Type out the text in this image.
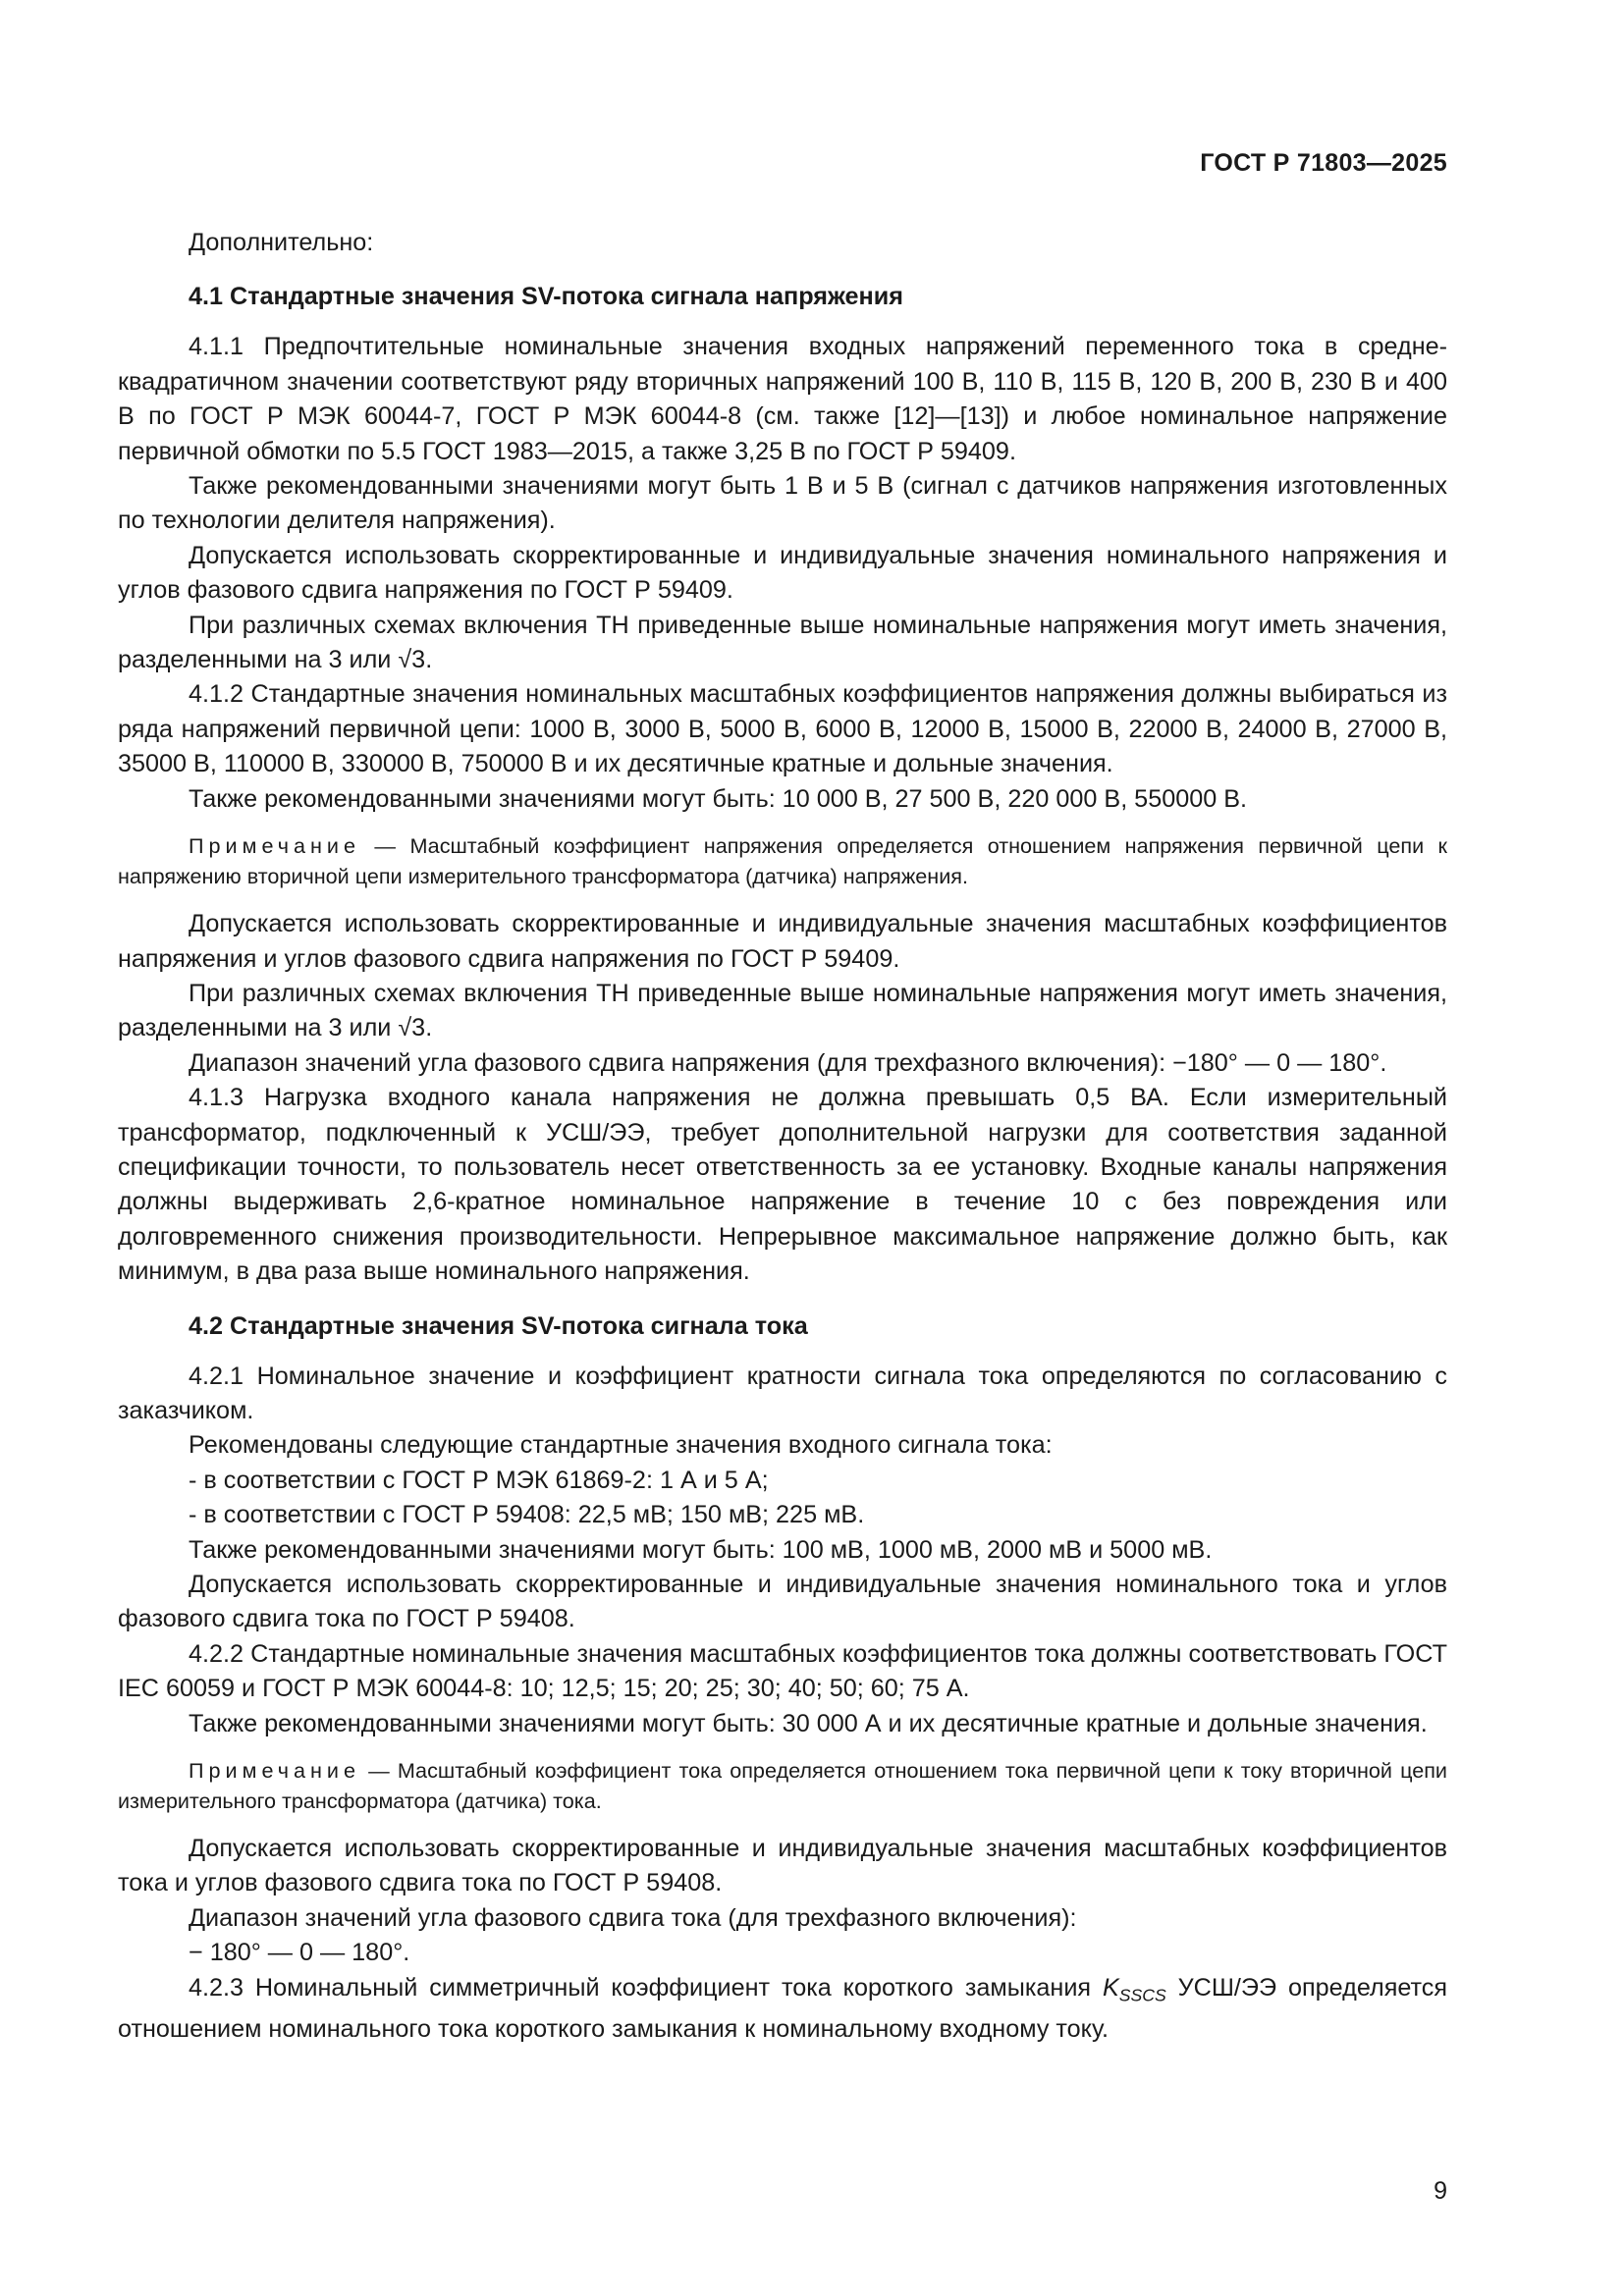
ГОСТ Р 71803—2025

Дополнительно:

4.1 Стандартные значения SV-потока сигнала напряжения

4.1.1 Предпочтительные номинальные значения входных напряжений переменного тока в средне-квадратичном значении соответствуют ряду вторичных напряжений 100 В, 110 В, 115 В, 120 В, 200 В, 230 В и 400 В по ГОСТ Р МЭК 60044-7, ГОСТ Р МЭК 60044-8 (см. также [12]—[13]) и любое номинальное напряжение первичной обмотки по 5.5 ГОСТ 1983—2015, а также 3,25 В по ГОСТ Р 59409.

Также рекомендованными значениями могут быть 1 В и 5 В (сигнал с датчиков напряжения изготовленных по технологии делителя напряжения).

Допускается использовать скорректированные и индивидуальные значения номинального напряжения и углов фазового сдвига напряжения по ГОСТ Р 59409.

При различных схемах включения ТН приведенные выше номинальные напряжения могут иметь значения, разделенными на 3 или √3.

4.1.2 Стандартные значения номинальных масштабных коэффициентов напряжения должны выбираться из ряда напряжений первичной цепи: 1000 В, 3000 В, 5000 В, 6000 В, 12000 В, 15000 В, 22000 В, 24000 В, 27000 В, 35000 В, 110000 В, 330000 В, 750000 В и их десятичные кратные и дольные значения.

Также рекомендованными значениями могут быть: 10 000 В, 27 500 В, 220 000 В, 550000 В.

Примечание — Масштабный коэффициент напряжения определяется отношением напряжения первичной цепи к напряжению вторичной цепи измерительного трансформатора (датчика) напряжения.

Допускается использовать скорректированные и индивидуальные значения масштабных коэффициентов напряжения и углов фазового сдвига напряжения по ГОСТ Р 59409.

При различных схемах включения ТН приведенные выше номинальные напряжения могут иметь значения, разделенными на 3 или √3.

Диапазон значений угла фазового сдвига напряжения (для трехфазного включения): −180° — 0 — 180°.

4.1.3 Нагрузка входного канала напряжения не должна превышать 0,5 ВА. Если измерительный трансформатор, подключенный к УСШ/ЭЭ, требует дополнительной нагрузки для соответствия заданной спецификации точности, то пользователь несет ответственность за ее установку. Входные каналы напряжения должны выдерживать 2,6-кратное номинальное напряжение в течение 10 с без повреждения или долговременного снижения производительности. Непрерывное максимальное напряжение должно быть, как минимум, в два раза выше номинального напряжения.

4.2 Стандартные значения SV-потока сигнала тока

4.2.1 Номинальное значение и коэффициент кратности сигнала тока определяются по согласованию с заказчиком.

Рекомендованы следующие стандартные значения входного сигнала тока:

- в соответствии с ГОСТ Р МЭК 61869-2: 1 А и 5 А;

- в соответствии с ГОСТ Р 59408: 22,5 мВ; 150 мВ; 225 мВ.

Также рекомендованными значениями могут быть: 100 мВ, 1000 мВ, 2000 мВ и 5000 мВ.

Допускается использовать скорректированные и индивидуальные значения номинального тока и углов фазового сдвига тока по ГОСТ Р 59408.

4.2.2 Стандартные номинальные значения масштабных коэффициентов тока должны соответствовать ГОСТ IEC 60059 и ГОСТ Р МЭК 60044-8: 10; 12,5; 15; 20; 25; 30; 40; 50; 60; 75 А.

Также рекомендованными значениями могут быть: 30 000 А и их десятичные кратные и дольные значения.

Примечание — Масштабный коэффициент тока определяется отношением тока первичной цепи к току вторичной цепи измерительного трансформатора (датчика) тока.

Допускается использовать скорректированные и индивидуальные значения масштабных коэффициентов тока и углов фазового сдвига тока по ГОСТ Р 59408.

Диапазон значений угла фазового сдвига тока (для трехфазного включения):

− 180° — 0 — 180°.

4.2.3 Номинальный симметричный коэффициент тока короткого замыкания $K_{SSCS}$ УСШ/ЭЭ определяется отношением номинального тока короткого замыкания к номинальному входному току.

9
